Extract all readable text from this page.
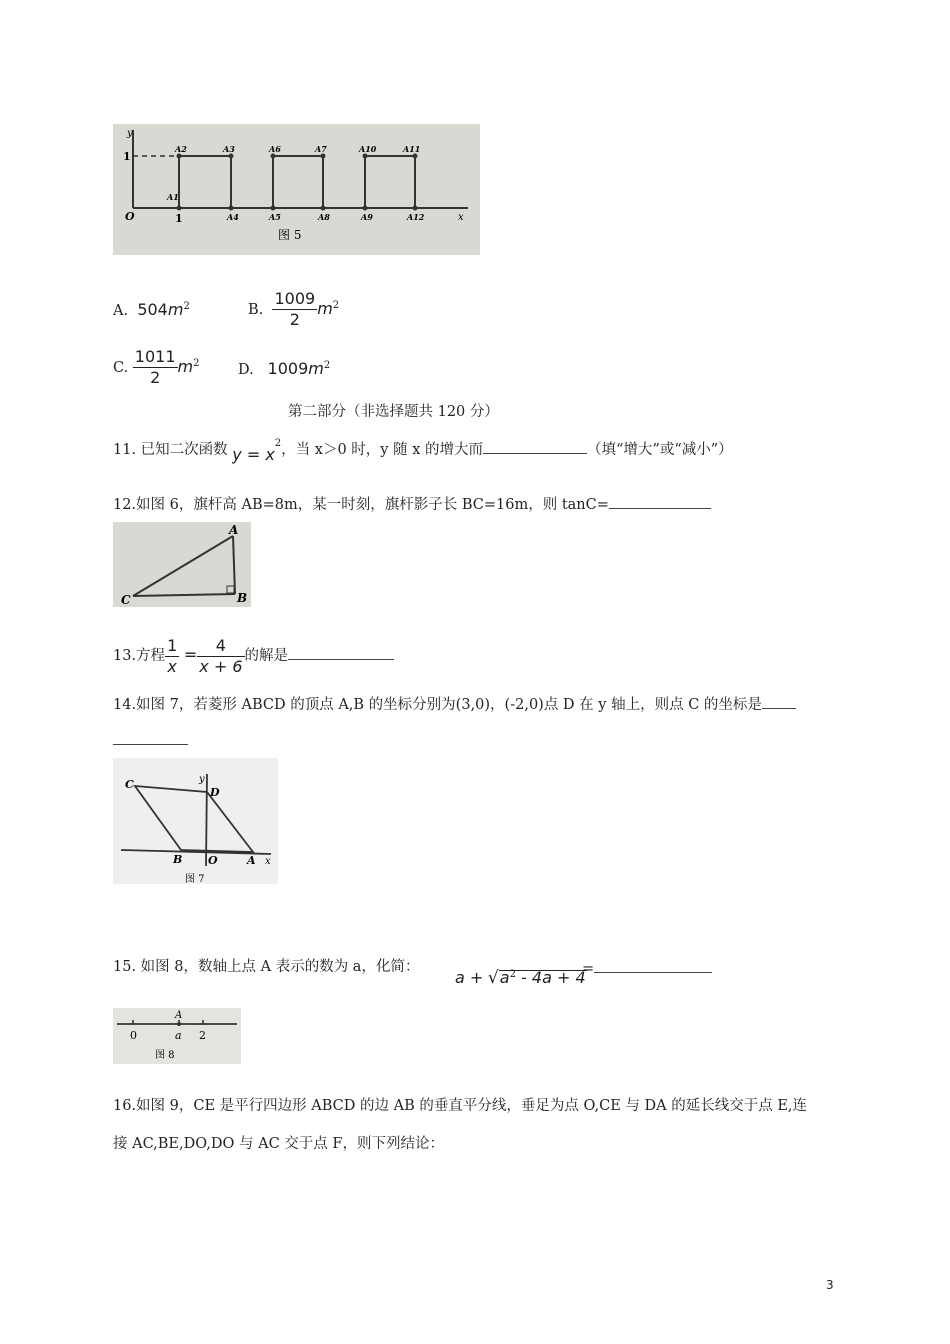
y
x
O	1
1
A1
A2	A3
A4	A5
A6	A7
A8	A9
A10	A11
A12
图 5
A. $504m^2$	B. $\frac{1009}{2} m^2$
C. $\frac{1011}{2} m^2$	D. $1009m^2$
第二部分（非选择题共 120 分）
11. 已知二次函数 $y = x^2$，当 x＞0 时，y 随 x 的增大而	（填“增大”或“减小”）
12.如图 6，旗杆高 AB=8m，某一时刻，旗杆影子长 BC=16m，则 tanC=
A
B
C
13.方程 $\frac{1}{x} = \frac{4}{x + 6}$ 的解是
14.如图 7，若菱形 ABCD 的顶点 A,B 的坐标分别为(3,0)，(-2,0)点 D 在 y 轴上，则点 C 的坐标是
C
D
B O	A x
y
图 7
15. 如图 8，数轴上点 A 表示的数为 a，化简：
$a + √a^2 - 4a + 4$
=
A
0	a 2
图 8
16.如图 9，CE 是平行四边形 ABCD 的边 AB 的垂直平分线，垂足为点 O,CE 与 DA 的延长线交于点 E,连
接 AC,BE,DO,DO 与 AC 交于点 F，则下列结论：
3
